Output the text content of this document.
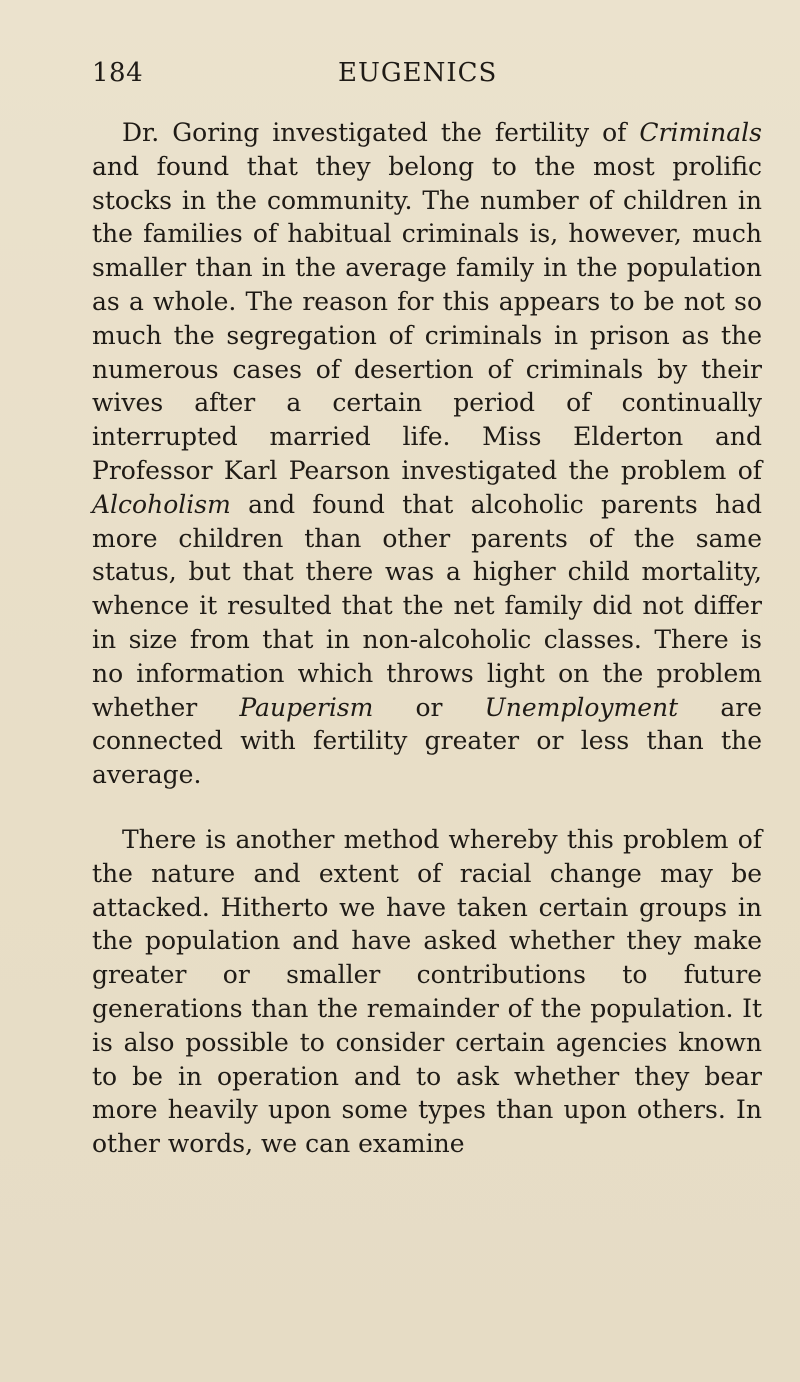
184	EUGENICS

Dr. Goring investigated the fertility of Criminals and found that they belong to the most prolific stocks in the community. The number of children in the families of habitual criminals is, however, much smaller than in the average family in the population as a whole. The reason for this appears to be not so much the segregation of criminals in prison as the numerous cases of desertion of criminals by their wives after a certain period of continually interrupted married life. Miss Elderton and Professor Karl Pearson investigated the problem of Alcoholism and found that alcoholic parents had more children than other parents of the same status, but that there was a higher child mortality, whence it resulted that the net family did not differ in size from that in non-alcoholic classes. There is no information which throws light on the problem whether Pauperism or Unemployment are connected with fertility greater or less than the average.

There is another method whereby this problem of the nature and extent of racial change may be attacked. Hitherto we have taken certain groups in the population and have asked whether they make greater or smaller contributions to future generations than the remainder of the population. It is also possible to consider certain agencies known to be in operation and to ask whether they bear more heavily upon some types than upon others. In other words, we can examine
